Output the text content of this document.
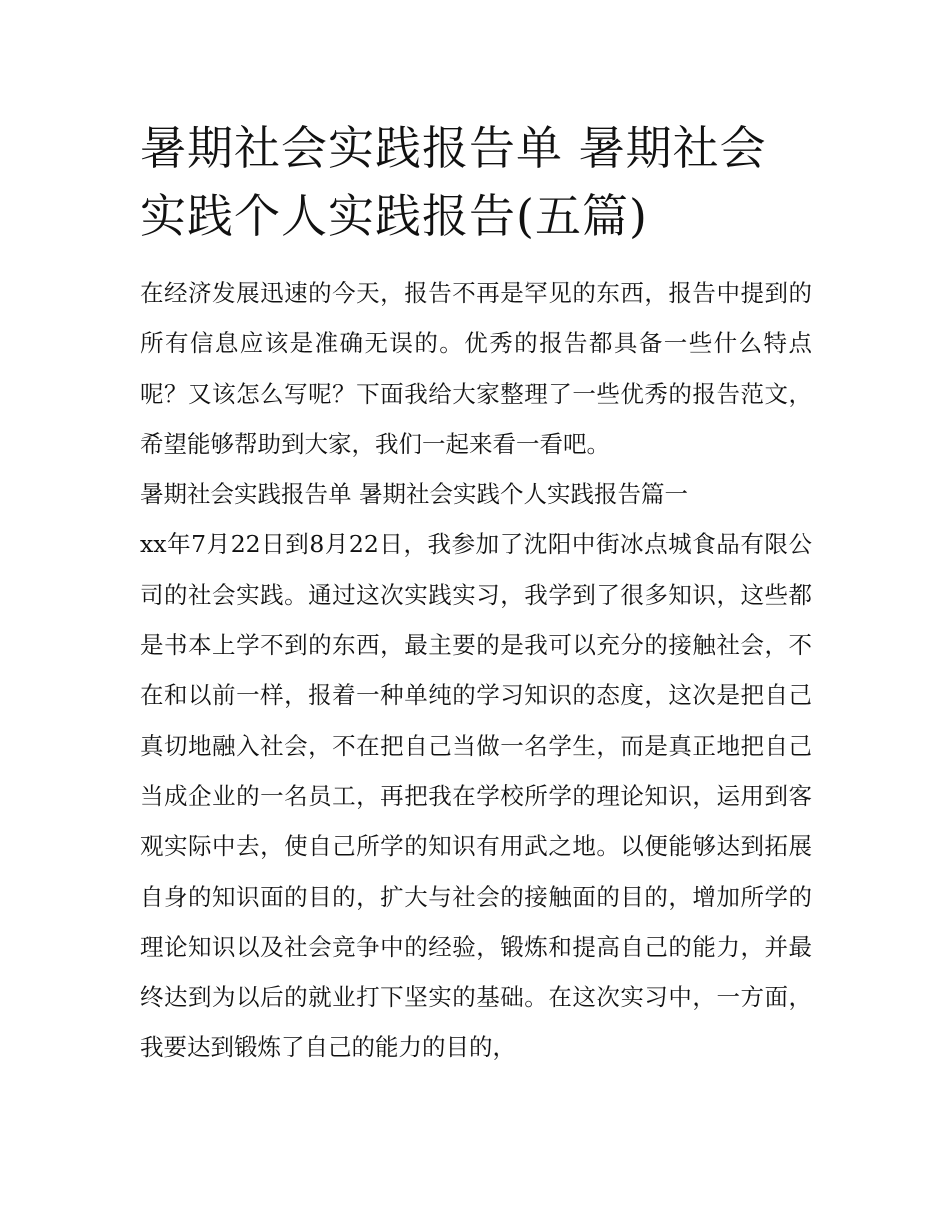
暑期社会实践报告单 暑期社会实践个人实践报告(五篇)

在经济发展迅速的今天，报告不再是罕见的东西，报告中提到的所有信息应该是准确无误的。优秀的报告都具备一些什么特点呢？又该怎么写呢？下面我给大家整理了一些优秀的报告范文，希望能够帮助到大家，我们一起来看一看吧。

暑期社会实践报告单 暑期社会实践个人实践报告篇一

xx年7月22日到8月22日，我参加了沈阳中街冰点城食品有限公司的社会实践。通过这次实践实习，我学到了很多知识，这些都是书本上学不到的东西，最主要的是我可以充分的接触社会，不在和以前一样，报着一种单纯的学习知识的态度，这次是把自己真切地融入社会，不在把自己当做一名学生，而是真正地把自己当成企业的一名员工，再把我在学校所学的理论知识，运用到客观实际中去，使自己所学的知识有用武之地。以便能够达到拓展自身的知识面的目的，扩大与社会的接触面的目的，增加所学的理论知识以及社会竞争中的经验，锻炼和提高自己的能力，并最终达到为以后的就业打下坚实的基础。在这次实习中，一方面，我要达到锻炼了自己的能力的目的，
